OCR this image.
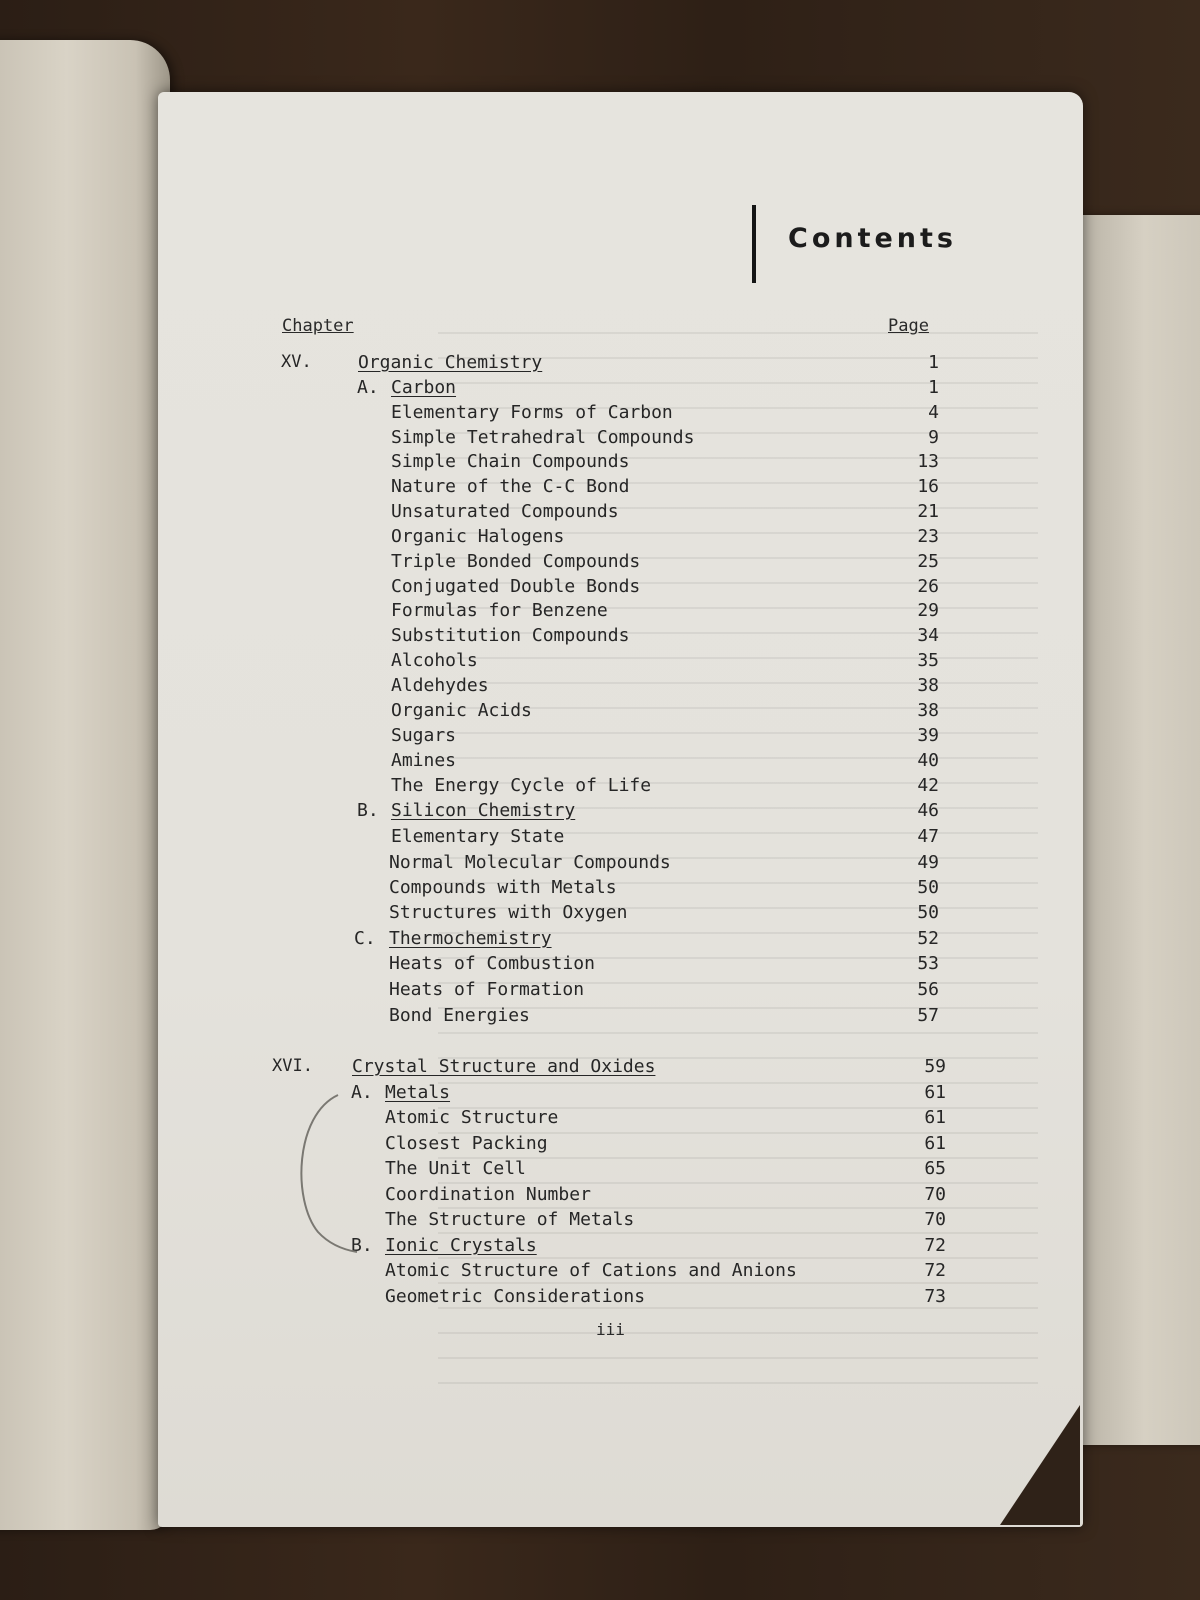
Contents
Chapter	Page
XV.	Organic Chemistry	1
A. Carbon	1
Elementary Forms of Carbon	4
Simple Tetrahedral Compounds	9
Simple Chain Compounds	13
Nature of the C-C Bond	16
Unsaturated Compounds	21
Organic Halogens	23
Triple Bonded Compounds	25
Conjugated Double Bonds	26
Formulas for Benzene	29
Substitution Compounds	34
Alcohols	35
Aldehydes	38
Organic Acids	38
Sugars	39
Amines	40
The Energy Cycle of Life	42
B. Silicon Chemistry	46
Elementary State	47
Normal Molecular Compounds	49
Compounds with Metals	50
Structures with Oxygen	50
C. Thermochemistry	52
Heats of Combustion	53
Heats of Formation	56
Bond Energies	57
XVI. Crystal Structure and Oxides	59
A. Metals	61
Atomic Structure	61
Closest Packing	61
The Unit Cell	65
Coordination Number	70
The Structure of Metals	70
B. Ionic Crystals	72
Atomic Structure of Cations and Anions	72
Geometric Considerations	73
iii
